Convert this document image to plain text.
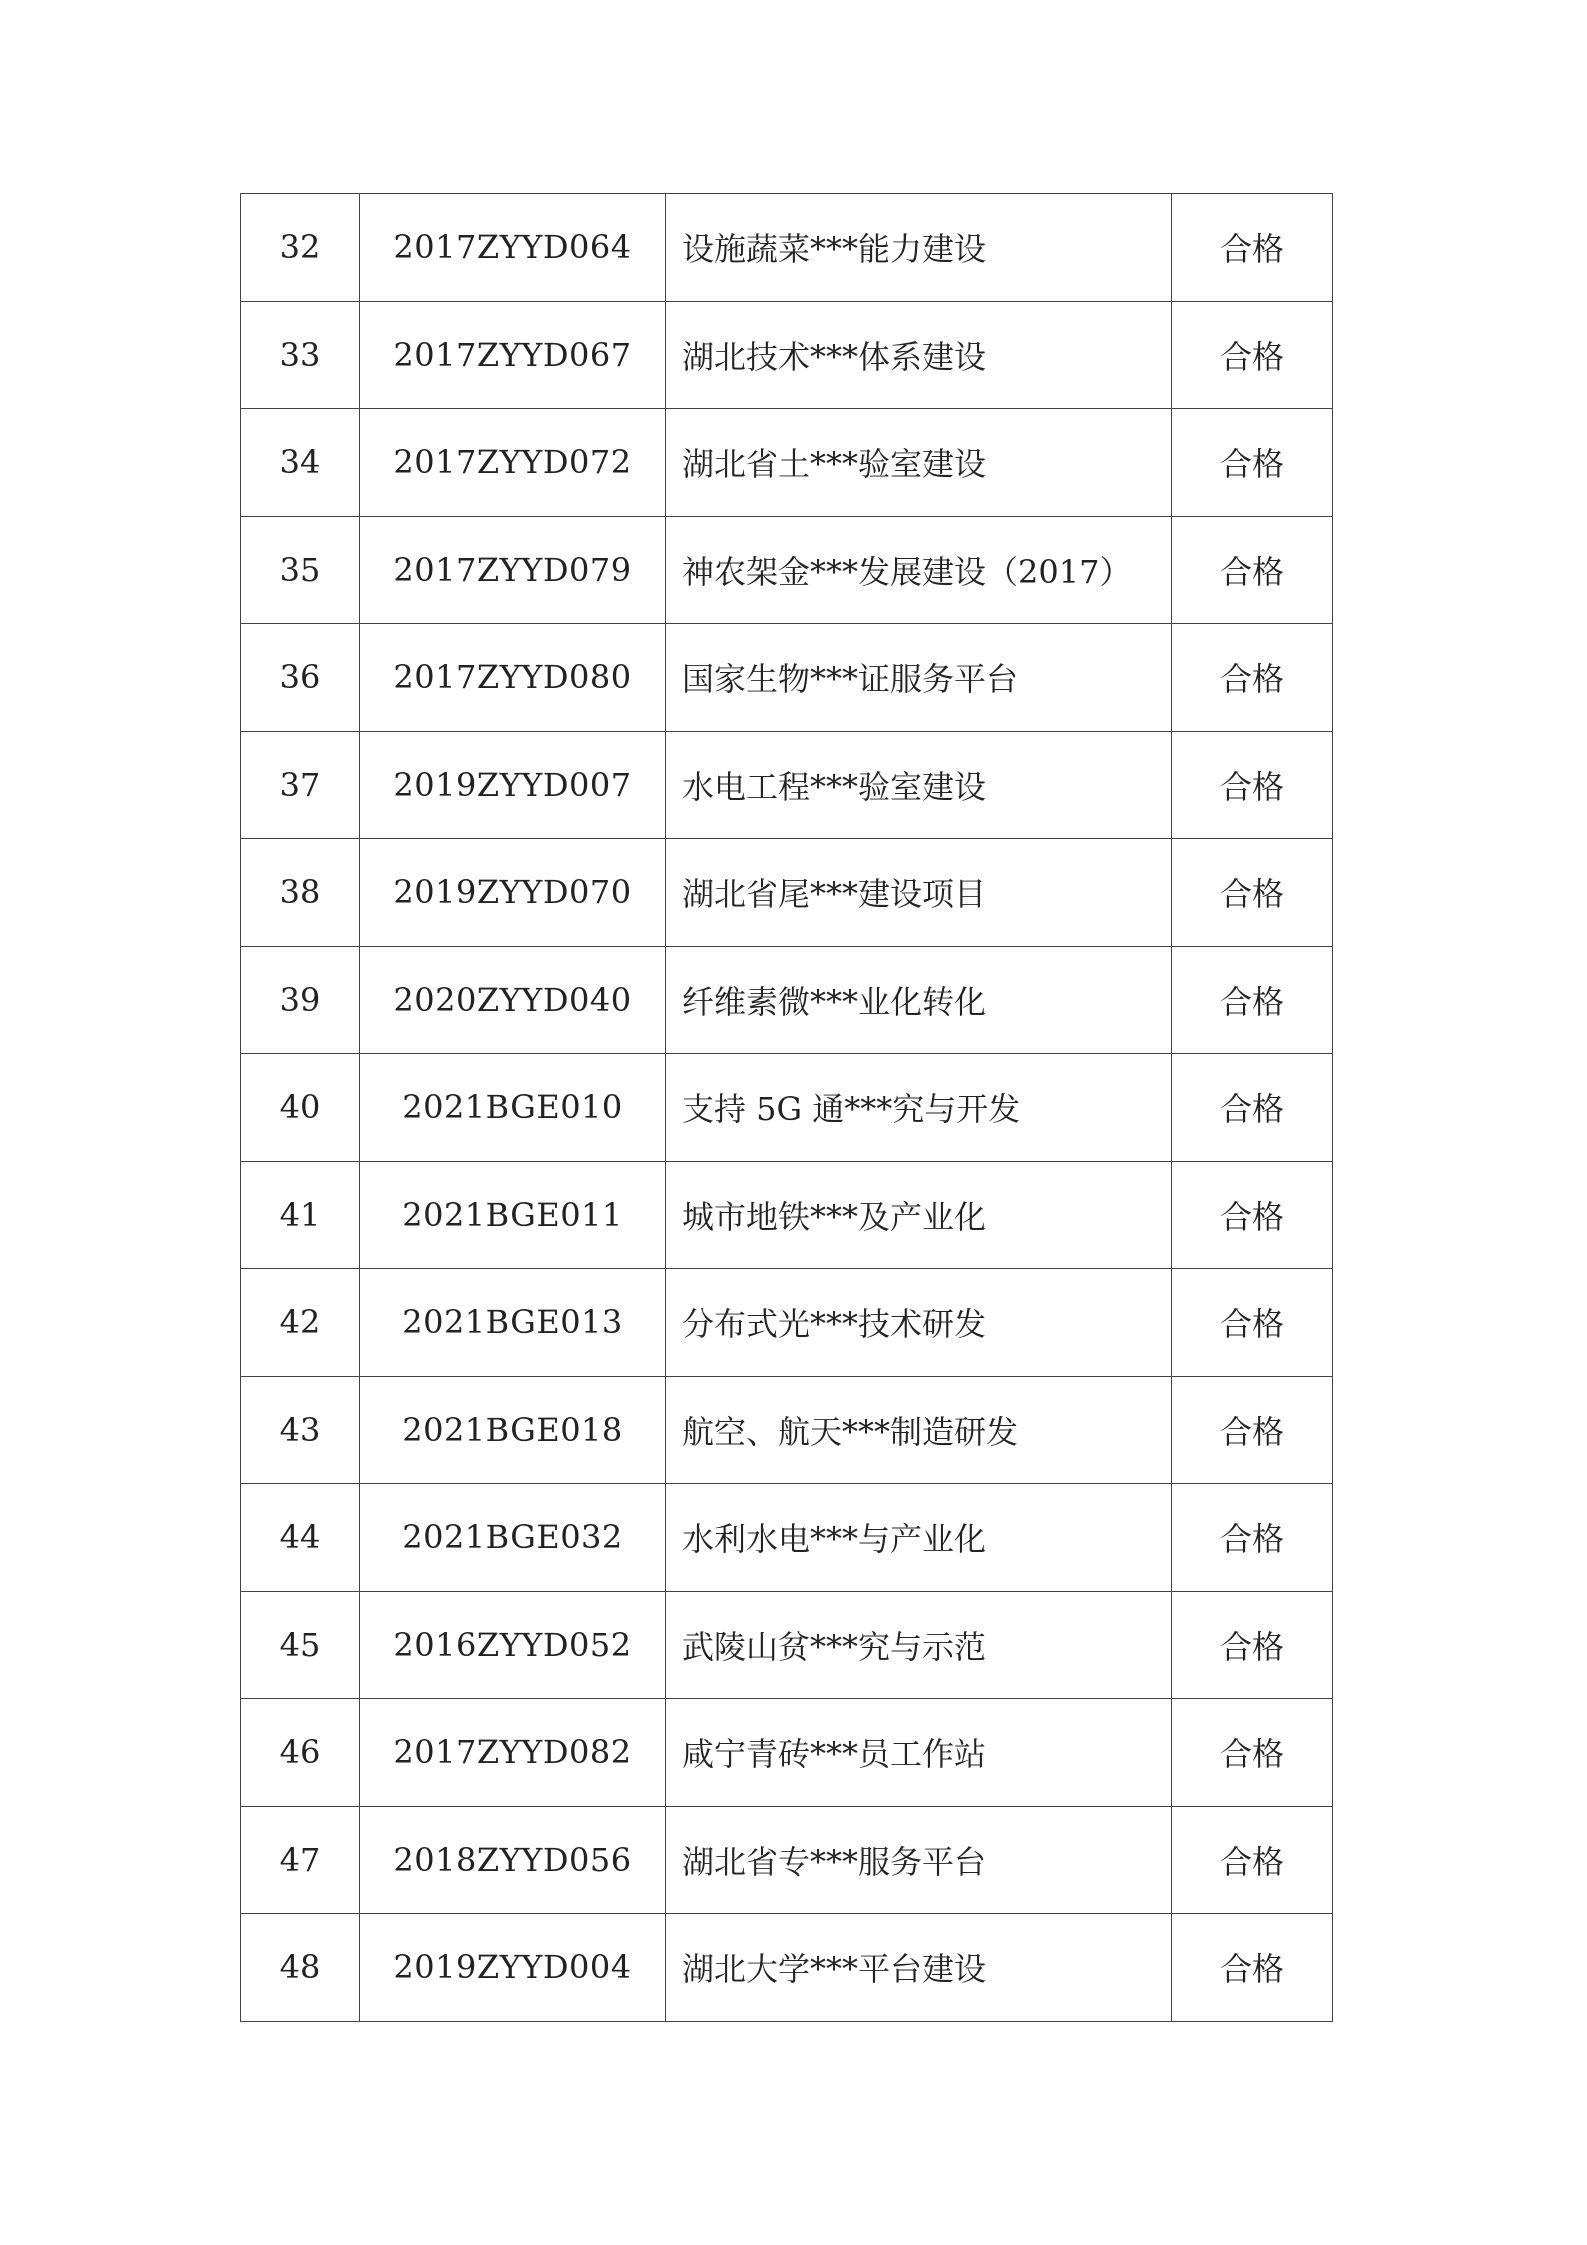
32	2017ZYYD064	设施蔬菜***能力建设	合格
33	2017ZYYD067	湖北技术***体系建设	合格
34	2017ZYYD072	湖北省土***验室建设	合格
35	2017ZYYD079	神农架金***发展建设（2017）	合格
36	2017ZYYD080	国家生物***证服务平台	合格
37	2019ZYYD007	水电工程***验室建设	合格
38	2019ZYYD070	湖北省尾***建设项目	合格
39	2020ZYYD040	纤维素微***业化转化	合格
40	2021BGE010	支持 5G 通***究与开发	合格
41	2021BGE011	城市地铁***及产业化	合格
42	2021BGE013	分布式光***技术研发	合格
43	2021BGE018	航空、航天***制造研发	合格
44	2021BGE032	水利水电***与产业化	合格
45	2016ZYYD052	武陵山贫***究与示范	合格
46	2017ZYYD082	咸宁青砖***员工作站	合格
47	2018ZYYD056	湖北省专***服务平台	合格
48	2019ZYYD004	湖北大学***平台建设	合格
